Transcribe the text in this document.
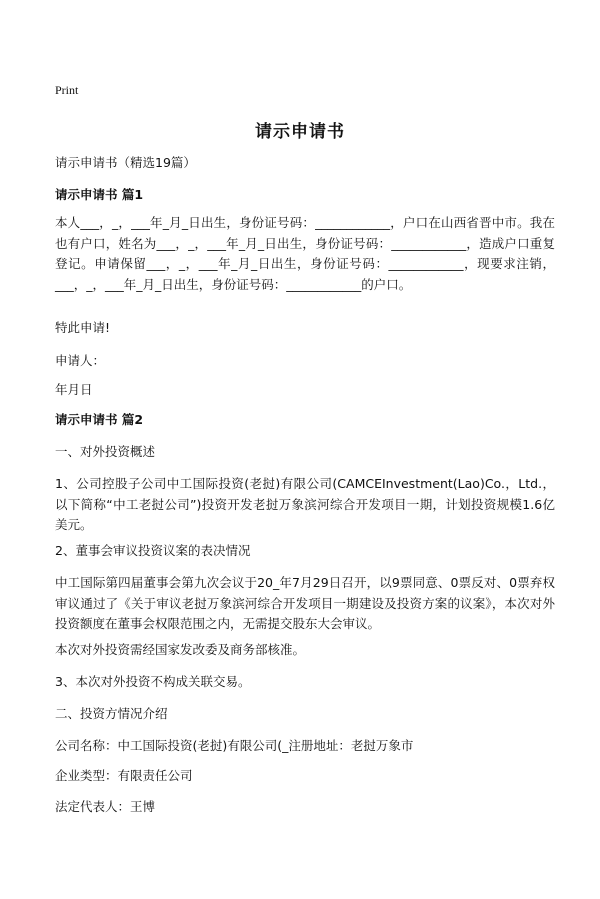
Print
请示申请书
请示申请书（精选19篇）
请示申请书 篇1
本人___，_，___年_月_日出生，身份证号码：____________，户口在山西省晋中市。我在也有户口，姓名为___，_，___年_月_日出生，身份证号码：____________，造成户口重复登记。申请保留___，_，___年_月_日出生，身份证号码：____________，现要求注销，___，_，___年_月_日出生，身份证号码：____________的户口。
特此申请!
申请人：
年月日
请示申请书 篇2
一、对外投资概述
1、公司控股子公司中工国际投资(老挝)有限公司(CAMCEInvestment(Lao)Co.，Ltd.，以下简称“中工老挝公司”)投资开发老挝万象滨河综合开发项目一期，计划投资规模1.6亿美元。
2、董事会审议投资议案的表决情况
中工国际第四届董事会第九次会议于20_年7月29日召开，以9票同意、0票反对、0票弃权审议通过了《关于审议老挝万象滨河综合开发项目一期建设及投资方案的议案》，本次对外投资额度在董事会权限范围之内，无需提交股东大会审议。
本次对外投资需经国家发改委及商务部核准。
3、本次对外投资不构成关联交易。
二、投资方情况介绍
公司名称：中工国际投资(老挝)有限公司(_注册地址：老挝万象市
企业类型：有限责任公司
法定代表人：王博
